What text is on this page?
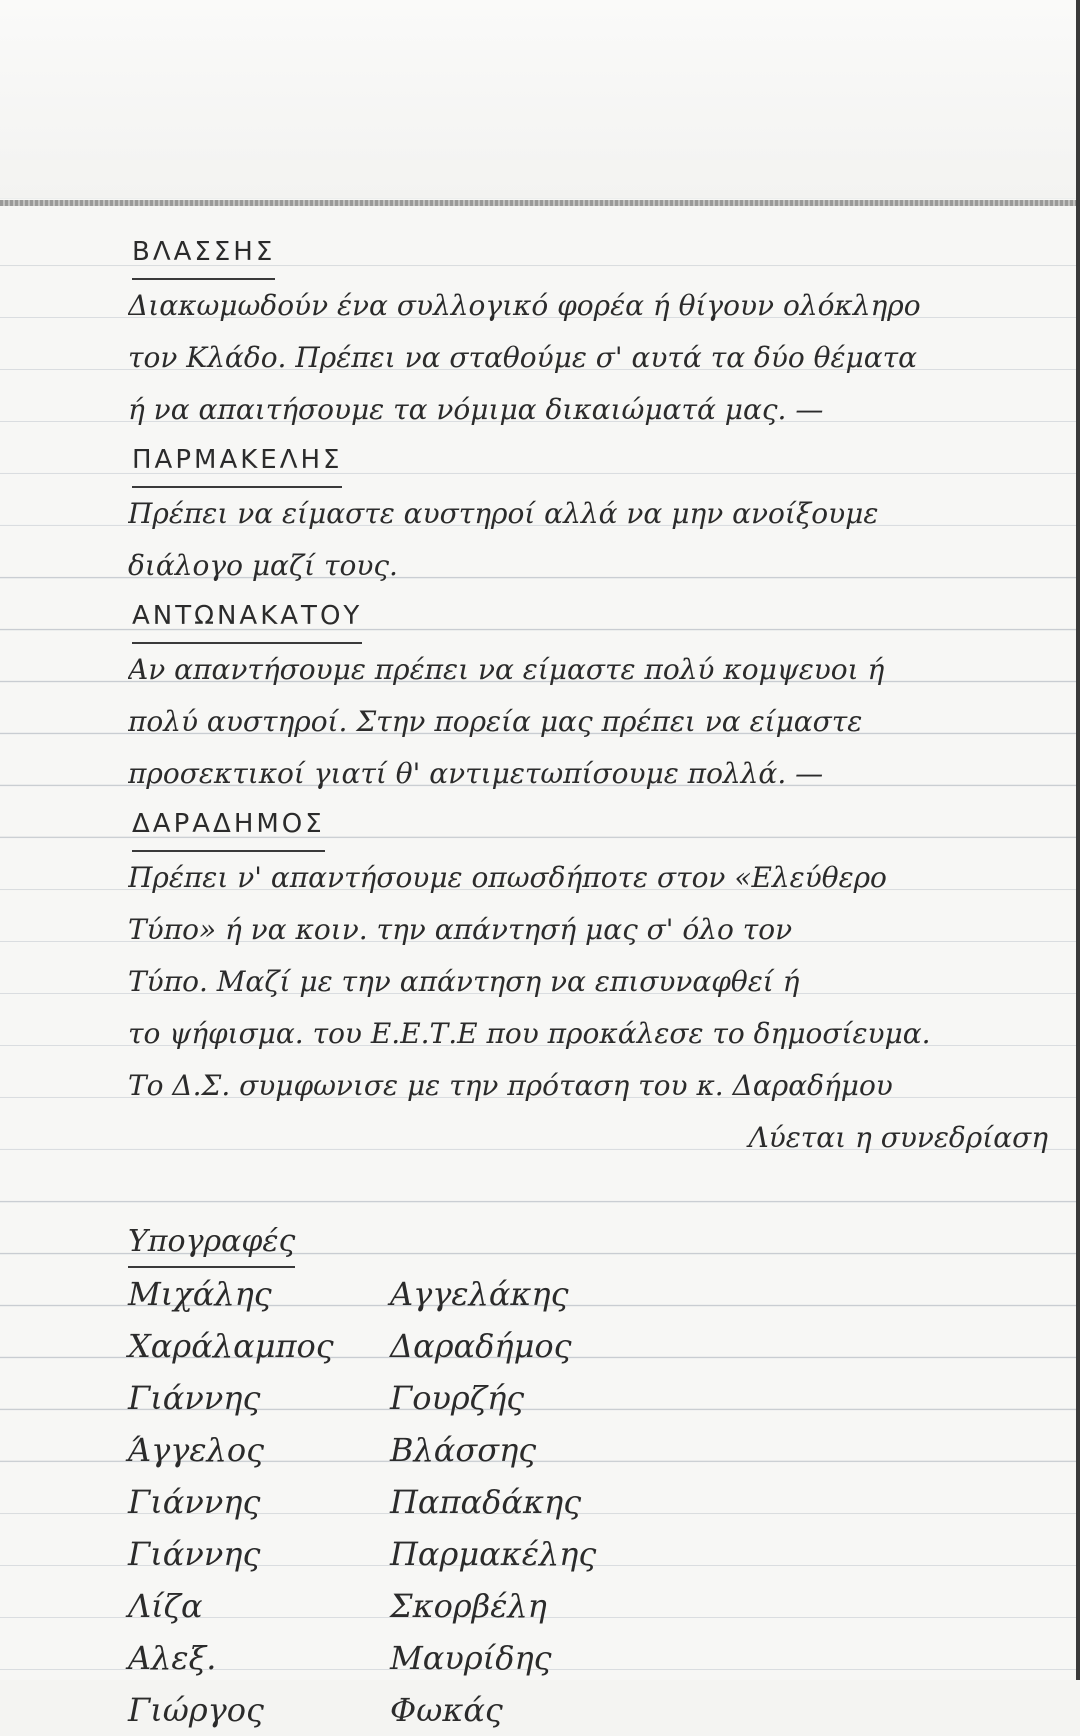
ΒΛΑΣΣΗΣ
Διακωμωδούν ένα συλλογικό φορέα ή θίγουν ολόκληρο
τον Κλάδο. Πρέπει να σταθούμε σ' αυτά τα δύο θέματα
ή να απαιτήσουμε τα νόμιμα δικαιώματά μας. —
ΠΑΡΜΑΚΕΛΗΣ
Πρέπει να είμαστε αυστηροί αλλά να μην ανοίξουμε
διάλογο μαζί τους.
ΑΝΤΩΝΑΚΑΤΟΥ
Αν απαντήσουμε πρέπει να είμαστε πολύ κομψευοι ή
πολύ αυστηροί. Στην πορεία μας πρέπει να είμαστε
προσεκτικοί γιατί θ' αντιμετωπίσουμε πολλά. —
ΔΑΡΑΔΗΜΟΣ
Πρέπει ν' απαντήσουμε οπωσδήποτε στον «Ελεύθερο
Τύπο» ή να κοιν. την απάντησή μας σ' όλο τον
Τύπο. Μαζί με την απάντηση να επισυναφθεί ή
το ψήφισμα. του Ε.Ε.Τ.Ε που προκάλεσε το δημοσίευμα.
Το Δ.Σ. συμφωνισε με την πρόταση του κ. Δαραδήμου
Λύεται η συνεδρίαση
Υπογραφές
Μιχάλης	Αγγελάκης
Χαράλαμπος	Δαραδήμος
Γιάννης	Γουρζής
Άγγελος	Βλάσσης
Γιάννης	Παπαδάκης
Γιάννης	Παρμακέλης
Λίζα	Σκορβέλη
Αλεξ.	Μαυρίδης
Γιώργος	Φωκάς
